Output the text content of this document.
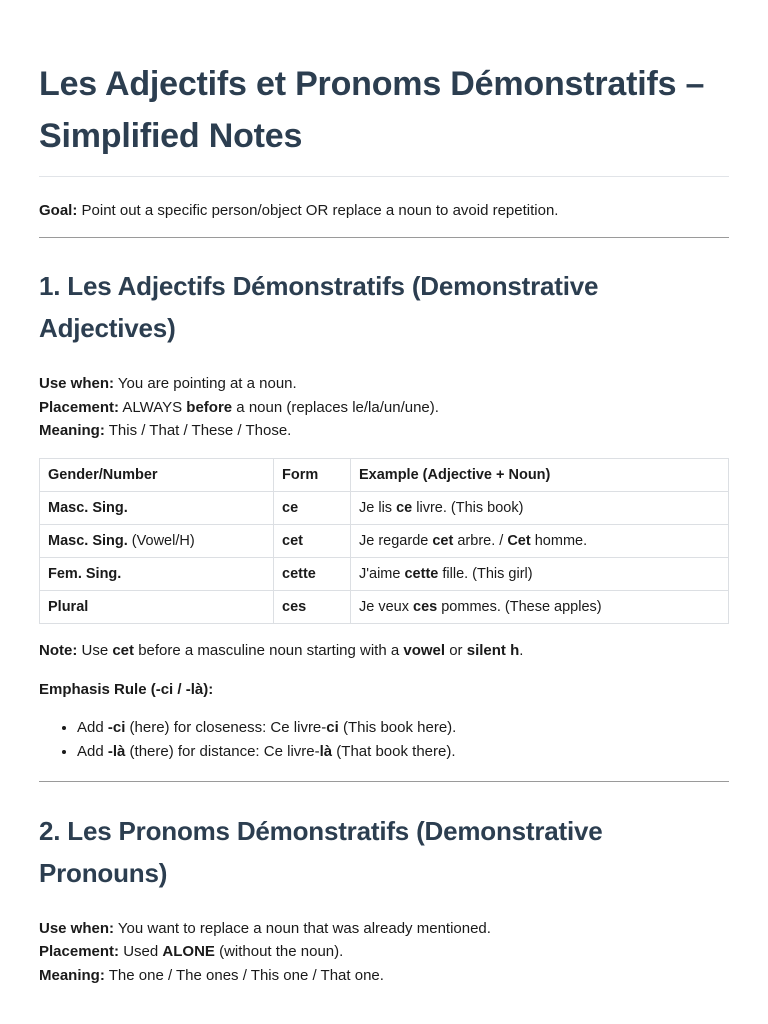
Les Adjectifs et Pronoms Démonstratifs – Simplified Notes

Goal: Point out a specific person/object OR replace a noun to avoid repetition.

1. Les Adjectifs Démonstratifs (Demonstrative Adjectives)
Use when: You are pointing at a noun.
Placement: ALWAYS before a noun (replaces le/la/un/une).
Meaning: This / That / These / Those.
Gender/Number	Form	Example (Adjective + Noun)
Masc. Sing.	ce	Je lis ce livre. (This book)
Masc. Sing. (Vowel/H)	cet	Je regarde cet arbre. / Cet homme.
Fem. Sing.	cette	J'aime cette fille. (This girl)
Plural	ces	Je veux ces pommes. (These apples)

Note: Use cet before a masculine noun starting with a vowel or silent h.

Emphasis Rule (-ci / -là):

• Add -ci (here) for closeness: Ce livre-ci (This book here).
• Add -là (there) for distance: Ce livre-là (That book there).
2. Les Pronoms Démonstratifs (Demonstrative Pronouns)
Use when: You want to replace a noun that was already mentioned.
Placement: Used ALONE (without the noun).
Meaning: The one / The ones / This one / That one.
